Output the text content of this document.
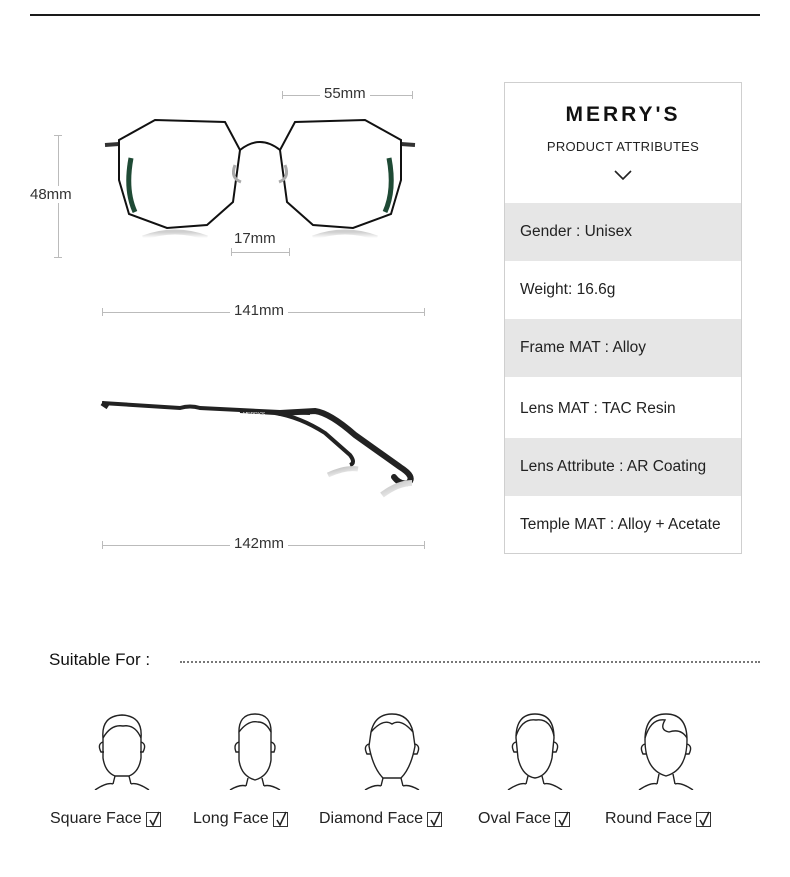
55mm
48mm
17mm
141mm
MERRY'S
142mm
MERRY'S
PRODUCT ATTRIBUTES
Gender : Unisex
Weight: 16.6g
Frame MAT : Alloy
Lens MAT : TAC Resin
Lens Attribute : AR Coating
Temple MAT : Alloy + Acetate
Suitable For :
Square Face	Long Face	Diamond Face	Oval Face	Round Face
